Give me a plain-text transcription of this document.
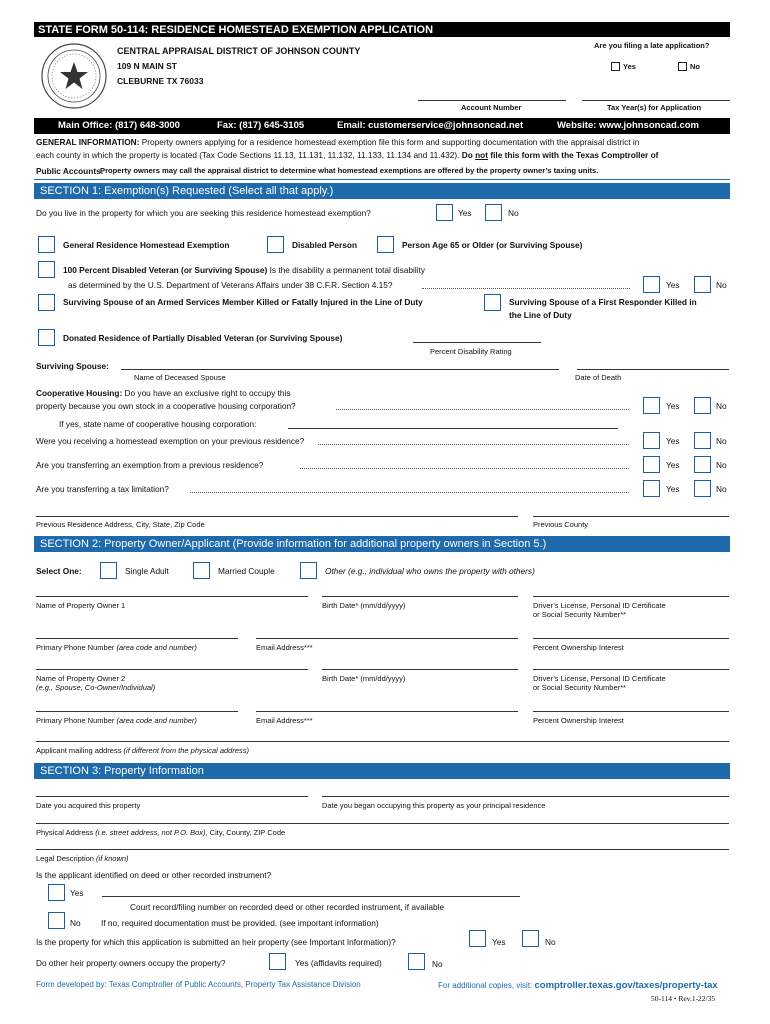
STATE FORM 50-114: RESIDENCE HOMESTEAD EXEMPTION APPLICATION
CENTRAL APPRAISAL DISTRICT OF JOHNSON COUNTY
109 N MAIN ST
CLEBURNE TX 76033
Are you filing a late application?
Yes	No
Account Number	Tax Year(s) for Application
Main Office: (817) 648-3000	Fax: (817) 645-3105	Email: customerservice@johnsoncad.net	Website: www.johnsoncad.com
GENERAL INFORMATION: Property owners applying for a residence homestead exemption file this form and supporting documentation with the appraisal district in
each county in which the property is located (Tax Code Sections 11.13, 11.131, 11.132, 11.133, 11.134 and 11.432). Do not file this form with the Texas Comptroller of
Public Accounts.
Property owners may call the appraisal district to determine what homestead exemptions are offered by the property owner’s taxing units.
SECTION 1: Exemption(s) Requested (Select all that apply.)
Do you live in the property for which you are seeking this residence homestead exemption?	Yes	No
General Residence Homestead Exemption	Disabled Person	Person Age 65 or Older (or Surviving Spouse)
100 Percent Disabled Veteran (or Surviving Spouse) Is the disability a permanent total disability
as determined by the U.S. Department of Veterans Affairs under 38 C.F.R. Section 4.15?	Yes	No
Surviving Spouse of an Armed Services Member Killed or Fatally Injured in the Line of Duty	Surviving Spouse of a First Responder Killed in
the Line of Duty
Donated Residence of Partially Disabled Veteran (or Surviving Spouse)
Percent Disability Rating
Surviving Spouse:
Name of Deceased Spouse	Date of Death
Cooperative Housing: Do you have an exclusive right to occupy this
property because you own stock in a cooperative housing corporation?	Yes	No
If yes, state name of cooperative housing corporation:
Were you receiving a homestead exemption on your previous residence?	Yes	No
Are you transferring an exemption from a previous residence?	Yes	No
Are you transferring a tax limitation?	Yes	No
Previous Residence Address, City, State, Zip Code	Previous County
SECTION 2: Property Owner/Applicant (Provide information for additional property owners in Section 5.)
Select One:	Single Adult	Married Couple	Other (e.g., individual who owns the property with others)
Name of Property Owner 1	Birth Date* (mm/dd/yyyy)	Driver’s License, Personal ID Certificate
or Social Security Number**
Primary Phone Number (area code and number)	Email Address***	Percent Ownership Interest
Name of Property Owner 2
(e.g., Spouse, Co-Owner/Individual)
Birth Date* (mm/dd/yyyy)	Driver’s License, Personal ID Certificate
or Social Security Number**
Primary Phone Number (area code and number)	Email Address***	Percent Ownership Interest
Applicant mailing address (if different from the physical address)
SECTION 3: Property Information
Date you acquired this property	Date you began occupying this property as your principal residence
Physical Address (i.e. street address, not P.O. Box), City, County, ZIP Code
Legal Description (if known)
Is the applicant identified on deed or other recorded instrument?
Yes
Court record/filing number on recorded deed or other recorded instrument, if available
No If no, required documentation must be provided. (see important information)
Is the property for which this application is submitted an heir property (see Important Information)?	Yes	No
Do other heir property owners occupy the property?	Yes (affidavits required)	No
Form developed by: Texas Comptroller of Public Accounts, Property Tax Assistance Division	For additional copies, visit: comptroller.texas.gov/taxes/property-tax
50-114 • Rev.1-22/35
